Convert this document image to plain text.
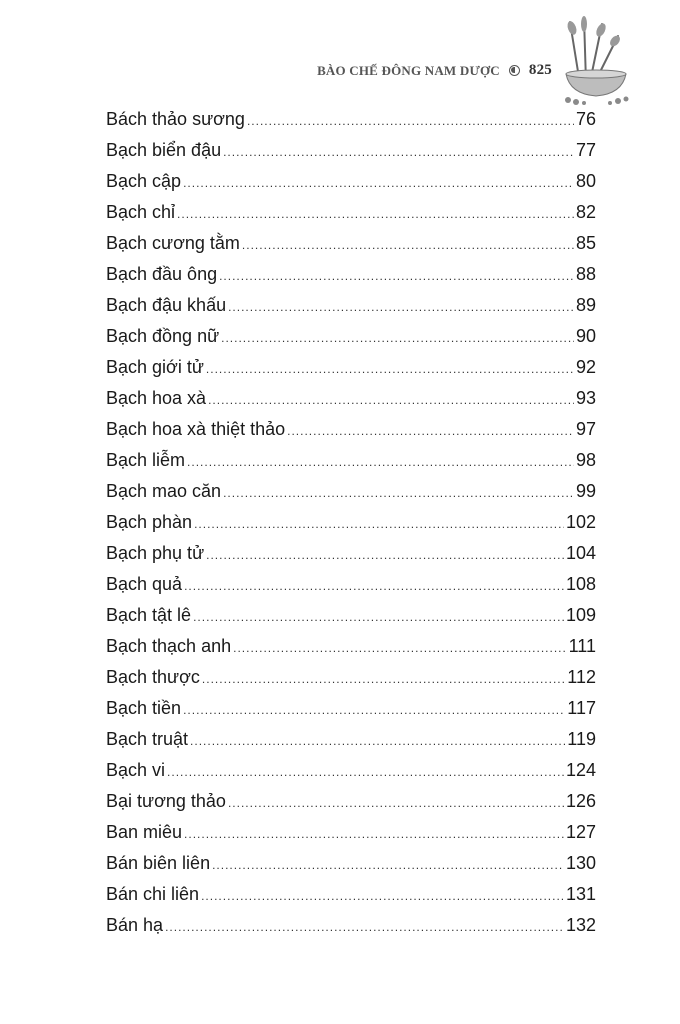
BÀO CHẾ ĐÔNG NAM DƯỢC 825
Bách thảo sương .....	76
Bạch biển đậu .....	77
Bạch cập .....	80
Bạch chỉ .....	82
Bạch cương tằm .....	85
Bạch đầu ông .....	88
Bạch đậu khấu .....	89
Bạch đồng nữ .....	90
Bạch giới tử .....	92
Bạch hoa xà .....	93
Bạch hoa xà thiệt thảo .....	97
Bạch liễm .....	98
Bạch mao căn .....	99
Bạch phàn .....	102
Bạch phụ tử .....	104
Bạch quả .....	108
Bạch tật lê .....	109
Bạch thạch anh .....	111
Bạch thược .....	112
Bạch tiền .....	117
Bạch truật .....	119
Bạch vi .....	124
Bại tương thảo .....	126
Ban miêu .....	127
Bán biên liên .....	130
Bán chi liên .....	131
Bán hạ .....	132
